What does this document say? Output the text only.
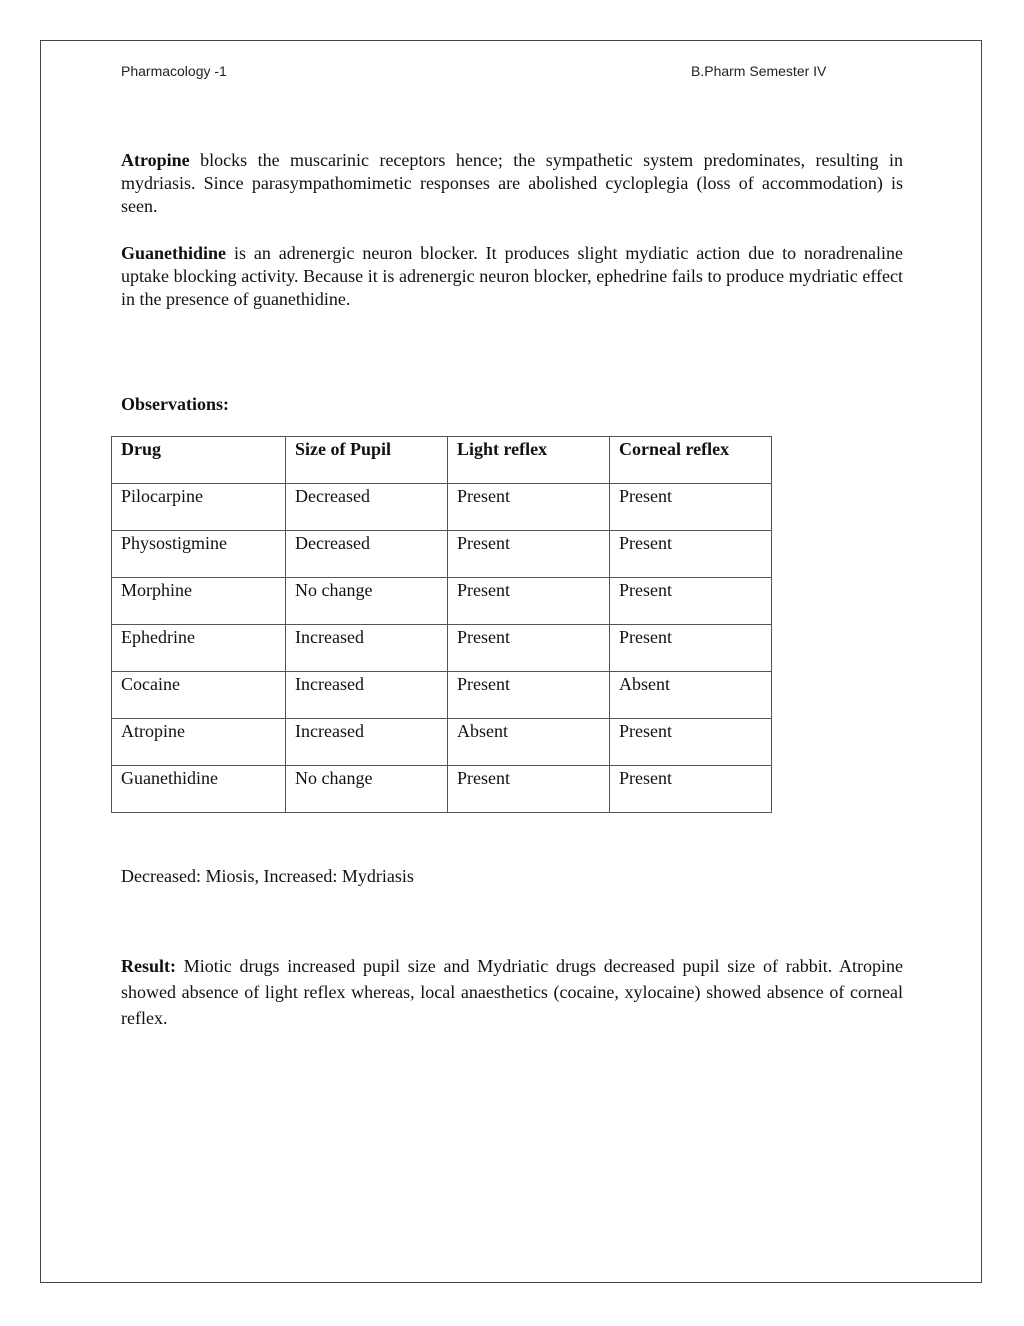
Pharmacology -1	B.Pharm Semester IV

Atropine blocks the muscarinic receptors hence; the sympathetic system predominates, resulting in mydriasis. Since parasympathomimetic responses are abolished cycloplegia (loss of accommodation) is seen.

Guanethidine is an adrenergic neuron blocker. It produces slight mydiatic action due to noradrenaline uptake blocking activity. Because it is adrenergic neuron blocker, ephedrine fails to produce mydriatic effect in the presence of guanethidine.

Observations:

Drug	Size of Pupil	Light reflex	Corneal reflex
Pilocarpine	Decreased	Present	Present
Physostigmine	Decreased	Present	Present
Morphine	No change	Present	Present
Ephedrine	Increased	Present	Present
Cocaine	Increased	Present	Absent
Atropine	Increased	Absent	Present
Guanethidine	No change	Present	Present

Decreased: Miosis, Increased: Mydriasis

Result: Miotic drugs increased pupil size and Mydriatic drugs decreased pupil size of rabbit. Atropine showed absence of light reflex whereas, local anaesthetics (cocaine, xylocaine) showed absence of corneal reflex.
